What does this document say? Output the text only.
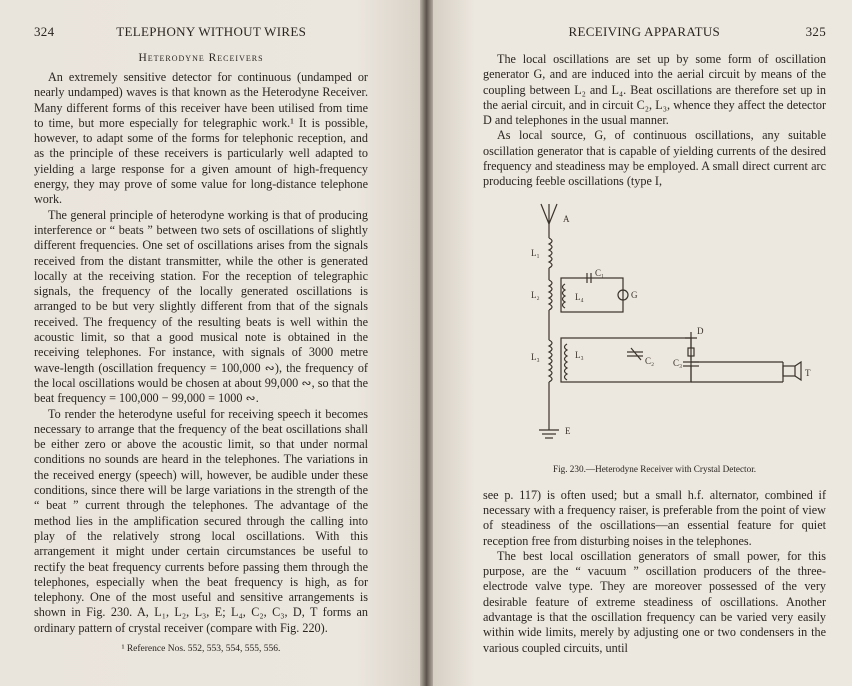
324	TELEPHONY WITHOUT WIRES
Heterodyne Receivers

An extremely sensitive detector for continuous (undamped or nearly undamped) waves is that known as the Heterodyne Receiver. Many different forms of this receiver have been utilised from time to time, but more especially for telegraphic work.¹ It is possible, however, to adapt some of the forms for telephonic reception, and as the principle of these receivers is particularly well adapted to yielding a large response for a given amount of high-frequency energy, they may prove of some value for long-distance telephone work.

The general principle of heterodyne working is that of producing interference or “ beats ” between two sets of oscillations of slightly different frequencies. One set of oscillations arises from the signals received from the distant transmitter, while the other is generated locally at the receiving station. For the reception of telegraphic signals, the frequency of the locally generated oscillations is arranged to be but very slightly different from that of the signals received. The frequency of the resulting beats is well within the acoustic limit, so that a good musical note is obtained in the receiving telephones. For instance, with signals of 3000 metre wave-length (oscillation frequency = 100,000 ∾), the frequency of the local oscillations would be chosen at about 99,000 ∾, so that the beat frequency = 100,000 − 99,000 = 1000 ∾.

To render the heterodyne useful for receiving speech it becomes necessary to arrange that the frequency of the beat oscillations shall be either zero or above the acoustic limit, so that under normal conditions no sounds are heard in the telephones. The variations in the received energy (speech) will, however, be audible under these conditions, since there will be large variations in the strength of the “ beat ” current through the telephones. The advantage of the method lies in the amplification secured through the calling into play of the relatively strong local oscillations. With this arrangement it might under certain circumstances be useful to rectify the beat frequency currents before passing them through the telephones, especially when the beat frequency is high, as for telephony. One of the most useful and sensitive arrangements is shown in Fig. 230. A, L₁, L₂, L₃, E; L₄, C₂, C₃, D, T forms an ordinary pattern of crystal receiver (compare with Fig. 220).

¹ Reference Nos. 552, 553, 554, 555, 556.
RECEIVING APPARATUS	325

The local oscillations are set up by some form of oscillation generator G, and are induced into the aerial circuit by means of the coupling between L₂ and L₄. Beat oscillations are therefore set up in the aerial circuit, and in circuit C₂, L₃, whence they affect the detector D and telephones in the usual manner.

As local source, G, of continuous oscillations, any suitable oscillation generator that is capable of yielding currents of the desired frequency and steadiness may be employed. A small direct current arc producing feeble oscillations (type I,

A
L₁
L₂	L₄
C₁
G
L₃	L₃
C₂
D
C₃
T
E
Fig. 230.—Heterodyne Receiver with Crystal Detector.

see p. 117) is often used; but a small h.f. alternator, combined if necessary with a frequency raiser, is preferable from the point of view of steadiness of the oscillations—an essential feature for quiet reception free from disturbing noises in the telephones.

The best local oscillation generators of small power, for this purpose, are the “ vacuum ” oscillation producers of the three-electrode valve type. They are moreover possessed of the very desirable feature of extreme steadiness of oscillations. Another advantage is that the oscillation frequency can be varied very easily within wide limits, merely by adjusting one or two condensers in the various coupled circuits, until
